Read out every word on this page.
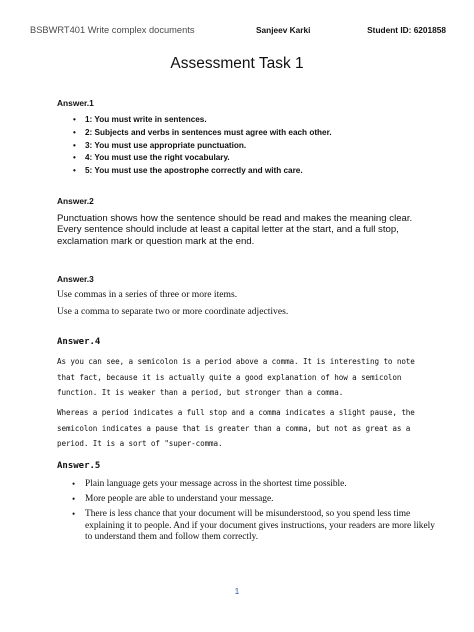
BSBWRT401 Write complex documents	Sanjeev Karki	Student ID: 6201858
Assessment Task 1
Answer.1
• 1: You must write in sentences.
• 2: Subjects and verbs in sentences must agree with each other.
• 3: You must use appropriate punctuation.
• 4: You must use the right vocabulary.
• 5: You must use the apostrophe correctly and with care.
Answer.2

Punctuation shows how the sentence should be read and makes the meaning clear. Every sentence should include at least a capital letter at the start, and a full stop, exclamation mark or question mark at the end.

Answer.3

Use commas in a series of three or more items.

Use a comma to separate two or more coordinate adjectives.

Answer.4

As you can see, a semicolon is a period above a comma. It is interesting to note that fact, because it is actually quite a good explanation of how a semicolon function. It is weaker than a period, but stronger than a comma.

Whereas a period indicates a full stop and a comma indicates a slight pause, the semicolon indicates a pause that is greater than a comma, but not as great as a period. It is a sort of "super-comma.

Answer.5
• Plain language gets your message across in the shortest time possible.
• More people are able to understand your message.
• There is less chance that your document will be misunderstood, so you spend less time explaining it to people. And if your document gives instructions, your readers are more likely to understand them and follow them correctly.
1
